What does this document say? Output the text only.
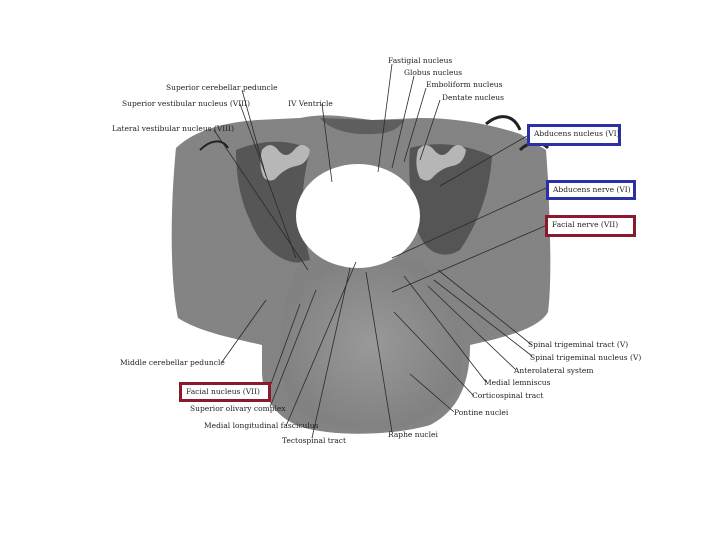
Fastigial nucleus
Globus nucleus
Emboliform nucleus
Dentate nucleus
Superior cerebellar peduncle
Superior vestibular nucleus (VIII)	IV Ventricle
Lateral vestibular nucleus (VIII)
Abducens nucleus (VI)
Abducens nerve (VI)
Facial nerve (VII)
Facial nucleus (VII)
Spinal trigeminal tract (V)
Spinal trigeminal nucleus (V)
Anterolateral system
Medial lemniscus
Corticospinal tract
Pontine nuclei
Raphe nuclei
Middle cerebellar peduncle
Superior olivary complex
Medial longitudinal fasciculus
Tectospinal tract
